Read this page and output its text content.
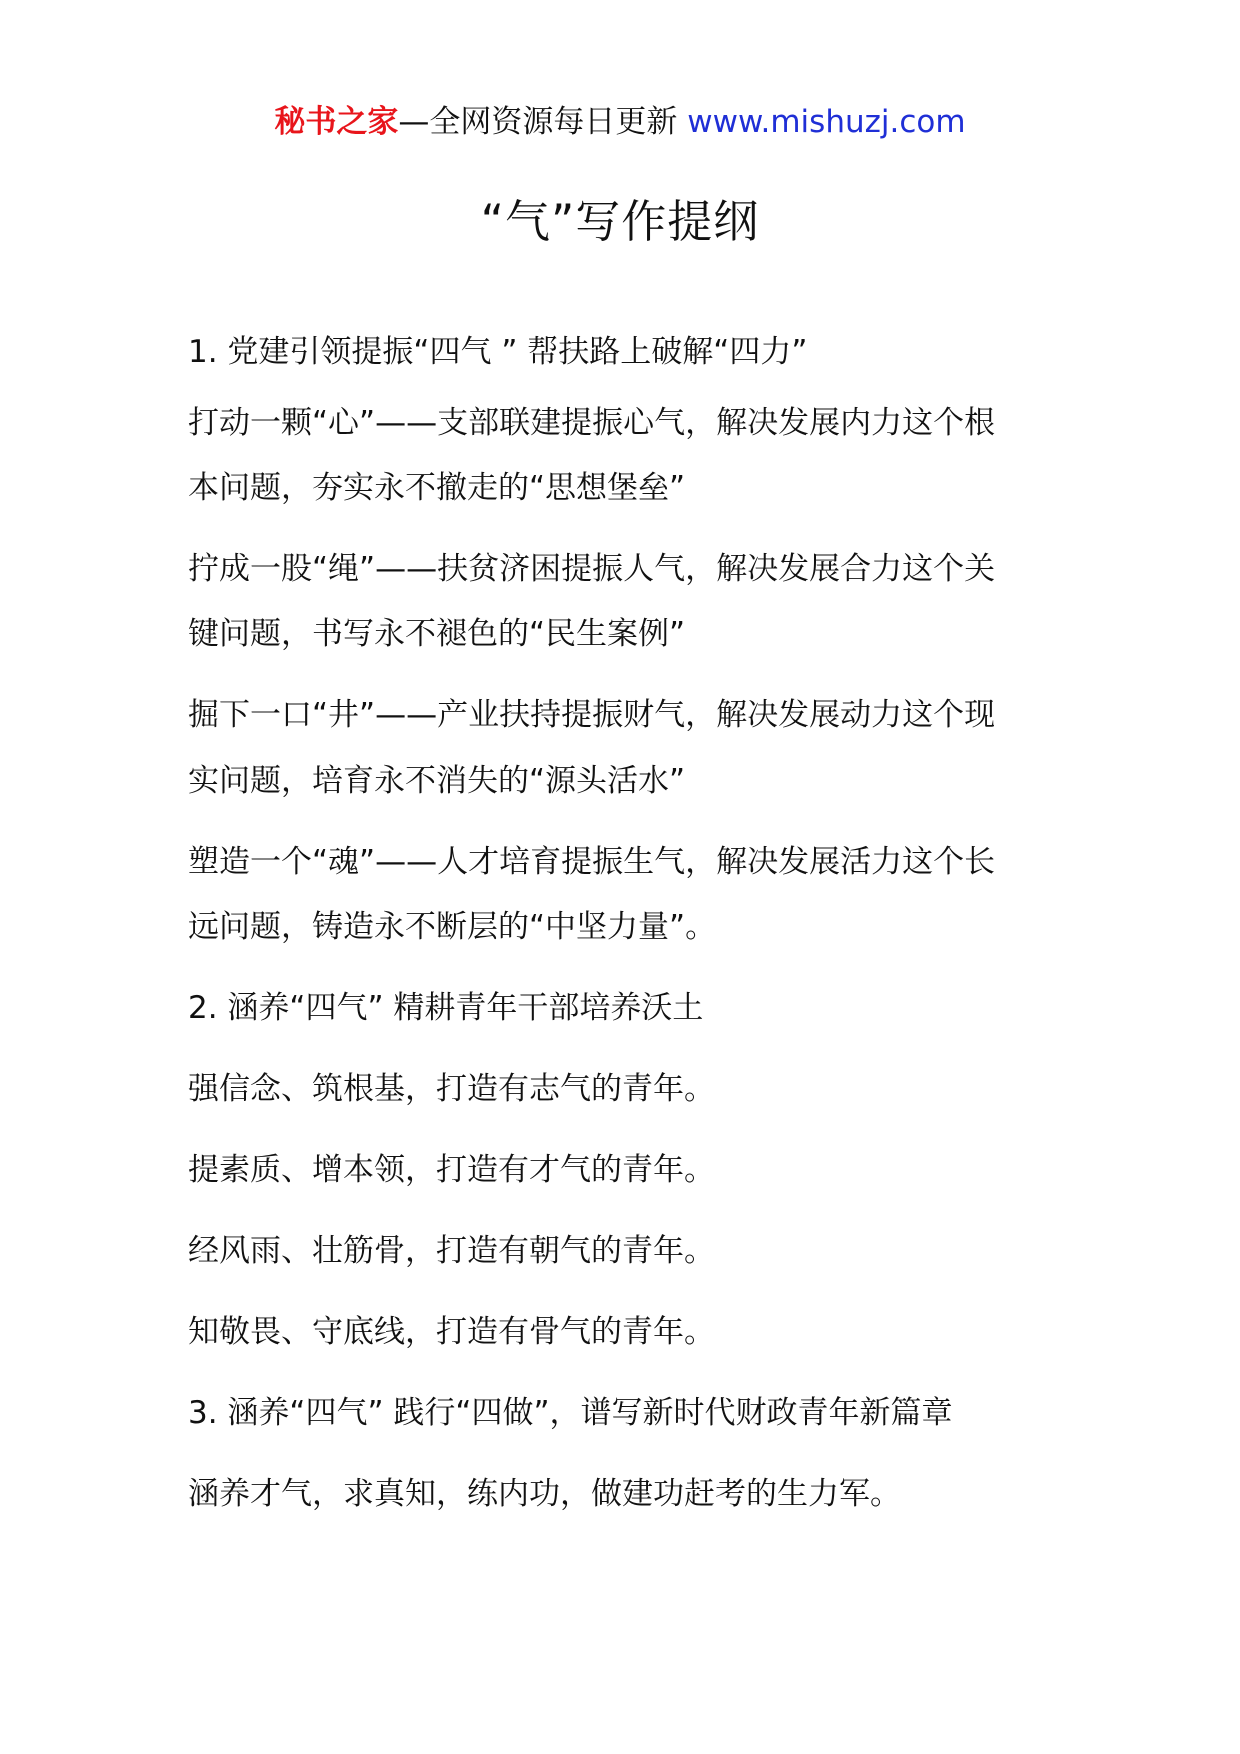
秘书之家—全网资源每日更新 www.mishuzj.com
“气”写作提纲
1. 党建引领提振“四气 ” 帮扶路上破解“四力”
打动一颗“心”——支部联建提振心气，解决发展内力这个根
本问题，夯实永不撤走的“思想堡垒”
拧成一股“绳”——扶贫济困提振人气，解决发展合力这个关
键问题，书写永不褪色的“民生案例”
掘下一口“井”——产业扶持提振财气，解决发展动力这个现
实问题，培育永不消失的“源头活水”
塑造一个“魂”——人才培育提振生气，解决发展活力这个长
远问题，铸造永不断层的“中坚力量”。
2. 涵养“四气” 精耕青年干部培养沃土
强信念、筑根基，打造有志气的青年。
提素质、增本领，打造有才气的青年。
经风雨、壮筋骨，打造有朝气的青年。
知敬畏、守底线，打造有骨气的青年。
3. 涵养“四气” 践行“四做”，谱写新时代财政青年新篇章
涵养才气，求真知，练内功，做建功赶考的生力军。
